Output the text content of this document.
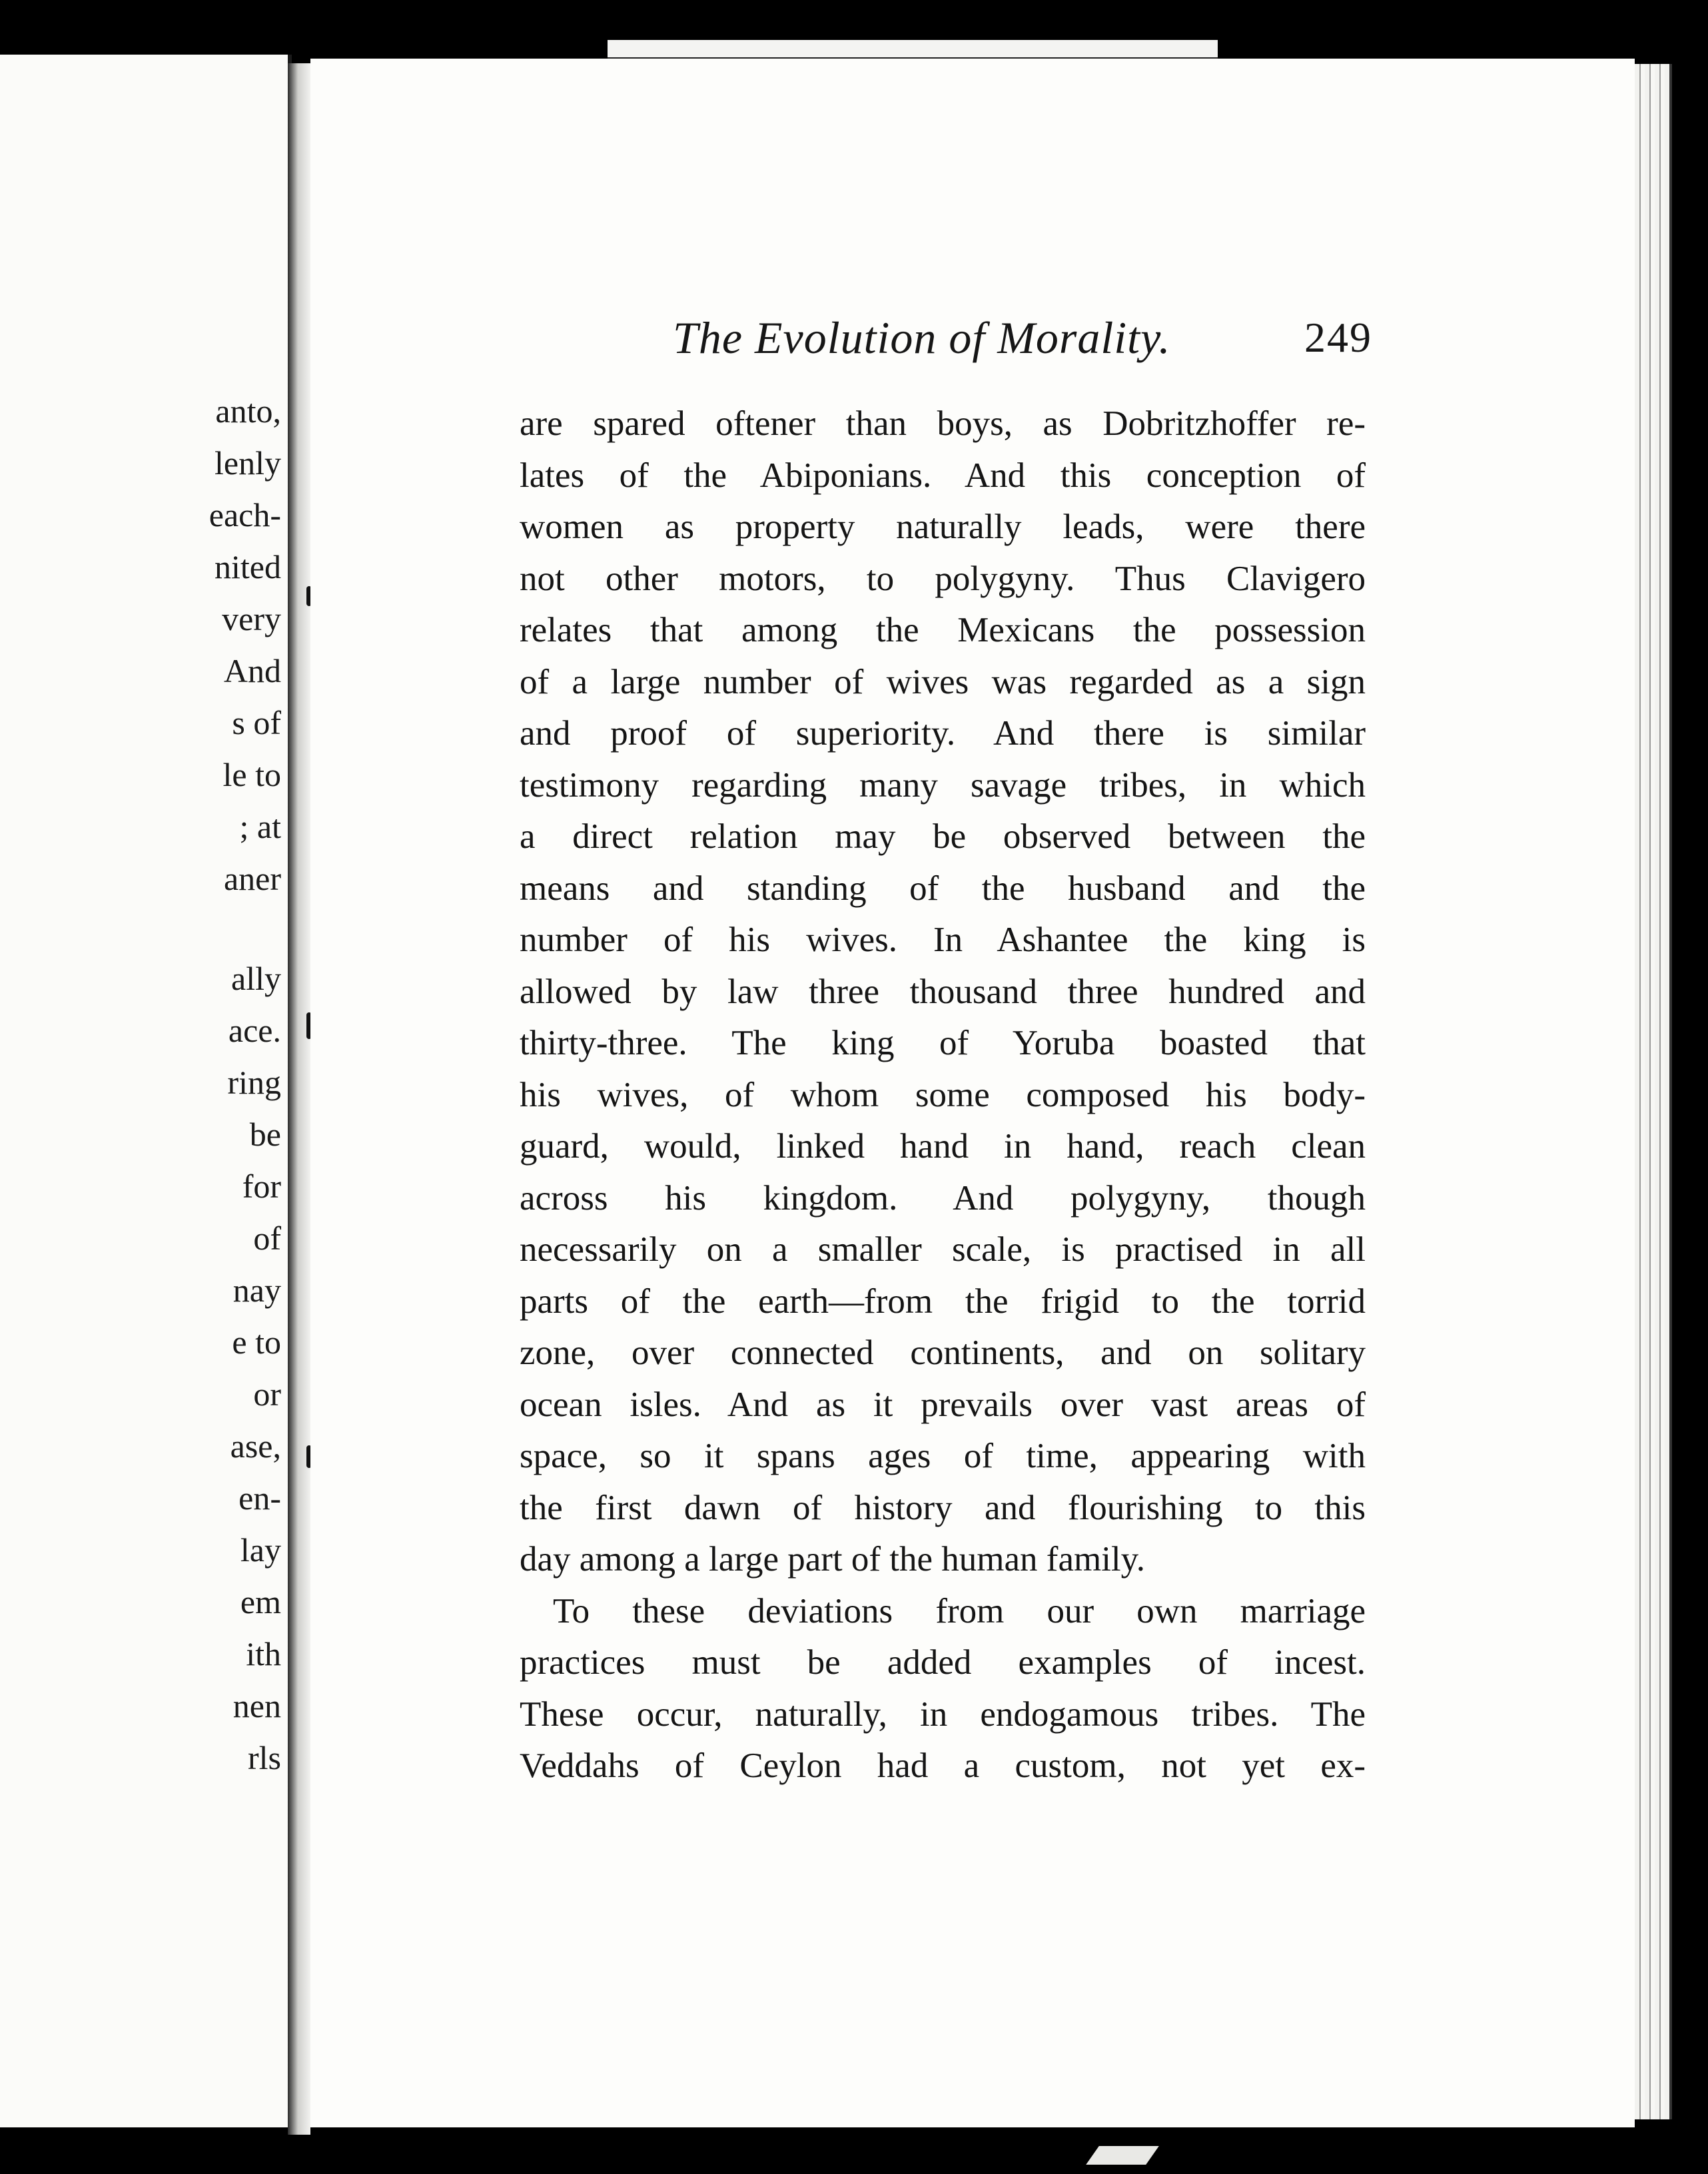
anto,
lenly
each-
nited
very
And
s of
le to
; at
aner
ally
ace.
ring
be
for
of
nay
e to
or
ase,
en-
lay
em
ith
nen
rls
The Evolution of Morality.	249
are spared oftener than boys, as Dobritzhoffer re-
lates of the Abiponians. And this conception of
women as property naturally leads, were there
not other motors, to polygyny. Thus Clavigero
relates that among the Mexicans the possession
of a large number of wives was regarded as a sign
and proof of superiority. And there is similar
testimony regarding many savage tribes, in which
a direct relation may be observed between the
means and standing of the husband and the
number of his wives. In Ashantee the king is
allowed by law three thousand three hundred and
thirty-three. The king of Yoruba boasted that
his wives, of whom some composed his body-
guard, would, linked hand in hand, reach clean
across his kingdom. And polygyny, though
necessarily on a smaller scale, is practised in all
parts of the earth—from the frigid to the torrid
zone, over connected continents, and on solitary
ocean isles. And as it prevails over vast areas of
space, so it spans ages of time, appearing with
the first dawn of history and flourishing to this
day among a large part of the human family.
To these deviations from our own marriage
practices must be added examples of incest.
These occur, naturally, in endogamous tribes. The
Veddahs of Ceylon had a custom, not yet ex-
